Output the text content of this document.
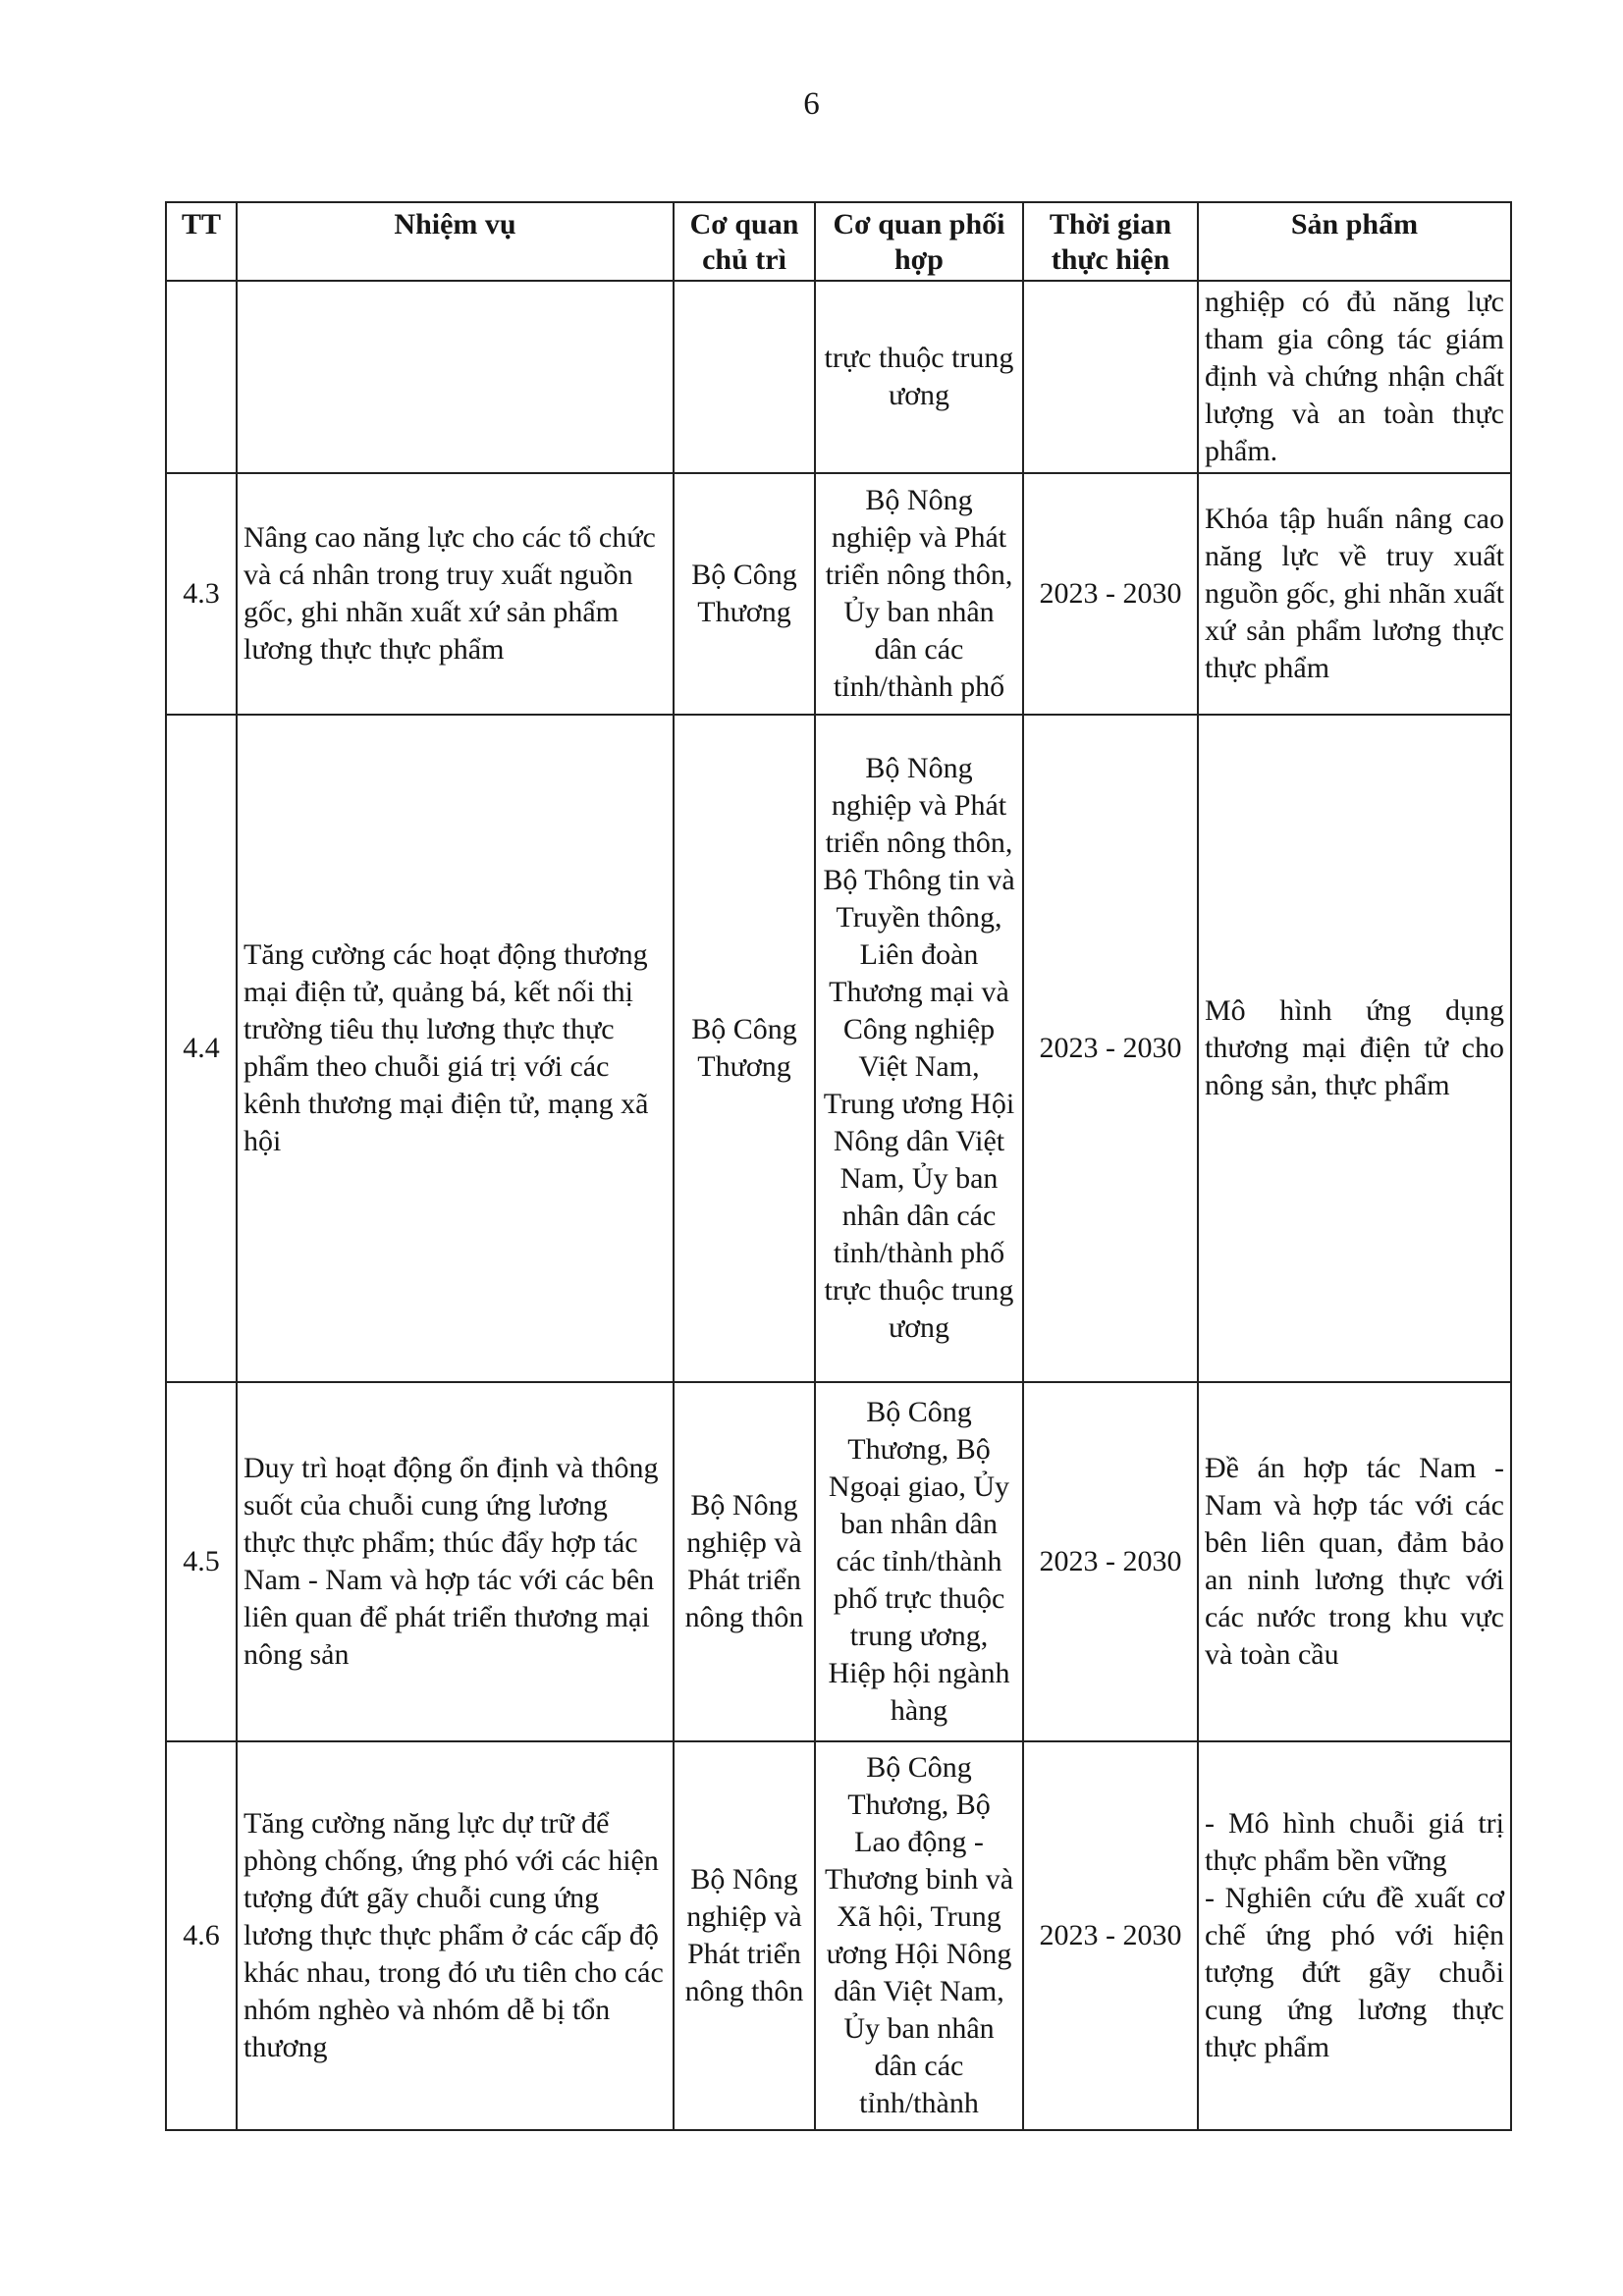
6
TT	Nhiệm vụ	Cơ quan chủ trì	Cơ quan phối hợp	Thời gian thực hiện	Sản phẩm
			trực thuộc trung ương		nghiệp có đủ năng lực tham gia công tác giám định và chứng nhận chất lượng và an toàn thực phẩm.
4.3	Nâng cao năng lực cho các tổ chức và cá nhân trong truy xuất nguồn gốc, ghi nhãn xuất xứ sản phẩm lương thực thực phẩm	Bộ Công Thương	Bộ Nông nghiệp và Phát triển nông thôn, Ủy ban nhân dân các tỉnh/thành phố	2023 - 2030	Khóa tập huấn nâng cao năng lực về truy xuất nguồn gốc, ghi nhãn xuất xứ sản phẩm lương thực thực phẩm
4.4	Tăng cường các hoạt động thương mại điện tử, quảng bá, kết nối thị trường tiêu thụ lương thực thực phẩm theo chuỗi giá trị với các kênh thương mại điện tử, mạng xã hội	Bộ Công Thương	Bộ Nông nghiệp và Phát triển nông thôn, Bộ Thông tin và Truyền thông, Liên đoàn Thương mại và Công nghiệp Việt Nam, Trung ương Hội Nông dân Việt Nam, Ủy ban nhân dân các tỉnh/thành phố trực thuộc trung ương	2023 - 2030	Mô hình ứng dụng thương mại điện tử cho nông sản, thực phẩm
4.5	Duy trì hoạt động ổn định và thông suốt của chuỗi cung ứng lương thực thực phẩm; thúc đẩy hợp tác Nam - Nam và hợp tác với các bên liên quan để phát triển thương mại nông sản	Bộ Nông nghiệp và Phát triển nông thôn	Bộ Công Thương, Bộ Ngoại giao, Ủy ban nhân dân các tỉnh/thành phố trực thuộc trung ương, Hiệp hội ngành hàng	2023 - 2030	Đề án hợp tác Nam - Nam và hợp tác với các bên liên quan, đảm bảo an ninh lương thực với các nước trong khu vực và toàn cầu
4.6	Tăng cường năng lực dự trữ để phòng chống, ứng phó với các hiện tượng đứt gãy chuỗi cung ứng lương thực thực phẩm ở các cấp độ khác nhau, trong đó ưu tiên cho các nhóm nghèo và nhóm dễ bị tổn thương	Bộ Nông nghiệp và Phát triển nông thôn	Bộ Công Thương, Bộ Lao động - Thương binh và Xã hội, Trung ương Hội Nông dân Việt Nam, Ủy ban nhân dân các tỉnh/thành	2023 - 2030	- Mô hình chuỗi giá trị thực phẩm bền vững
- Nghiên cứu đề xuất cơ chế ứng phó với hiện tượng đứt gãy chuỗi cung ứng lương thực thực phẩm
